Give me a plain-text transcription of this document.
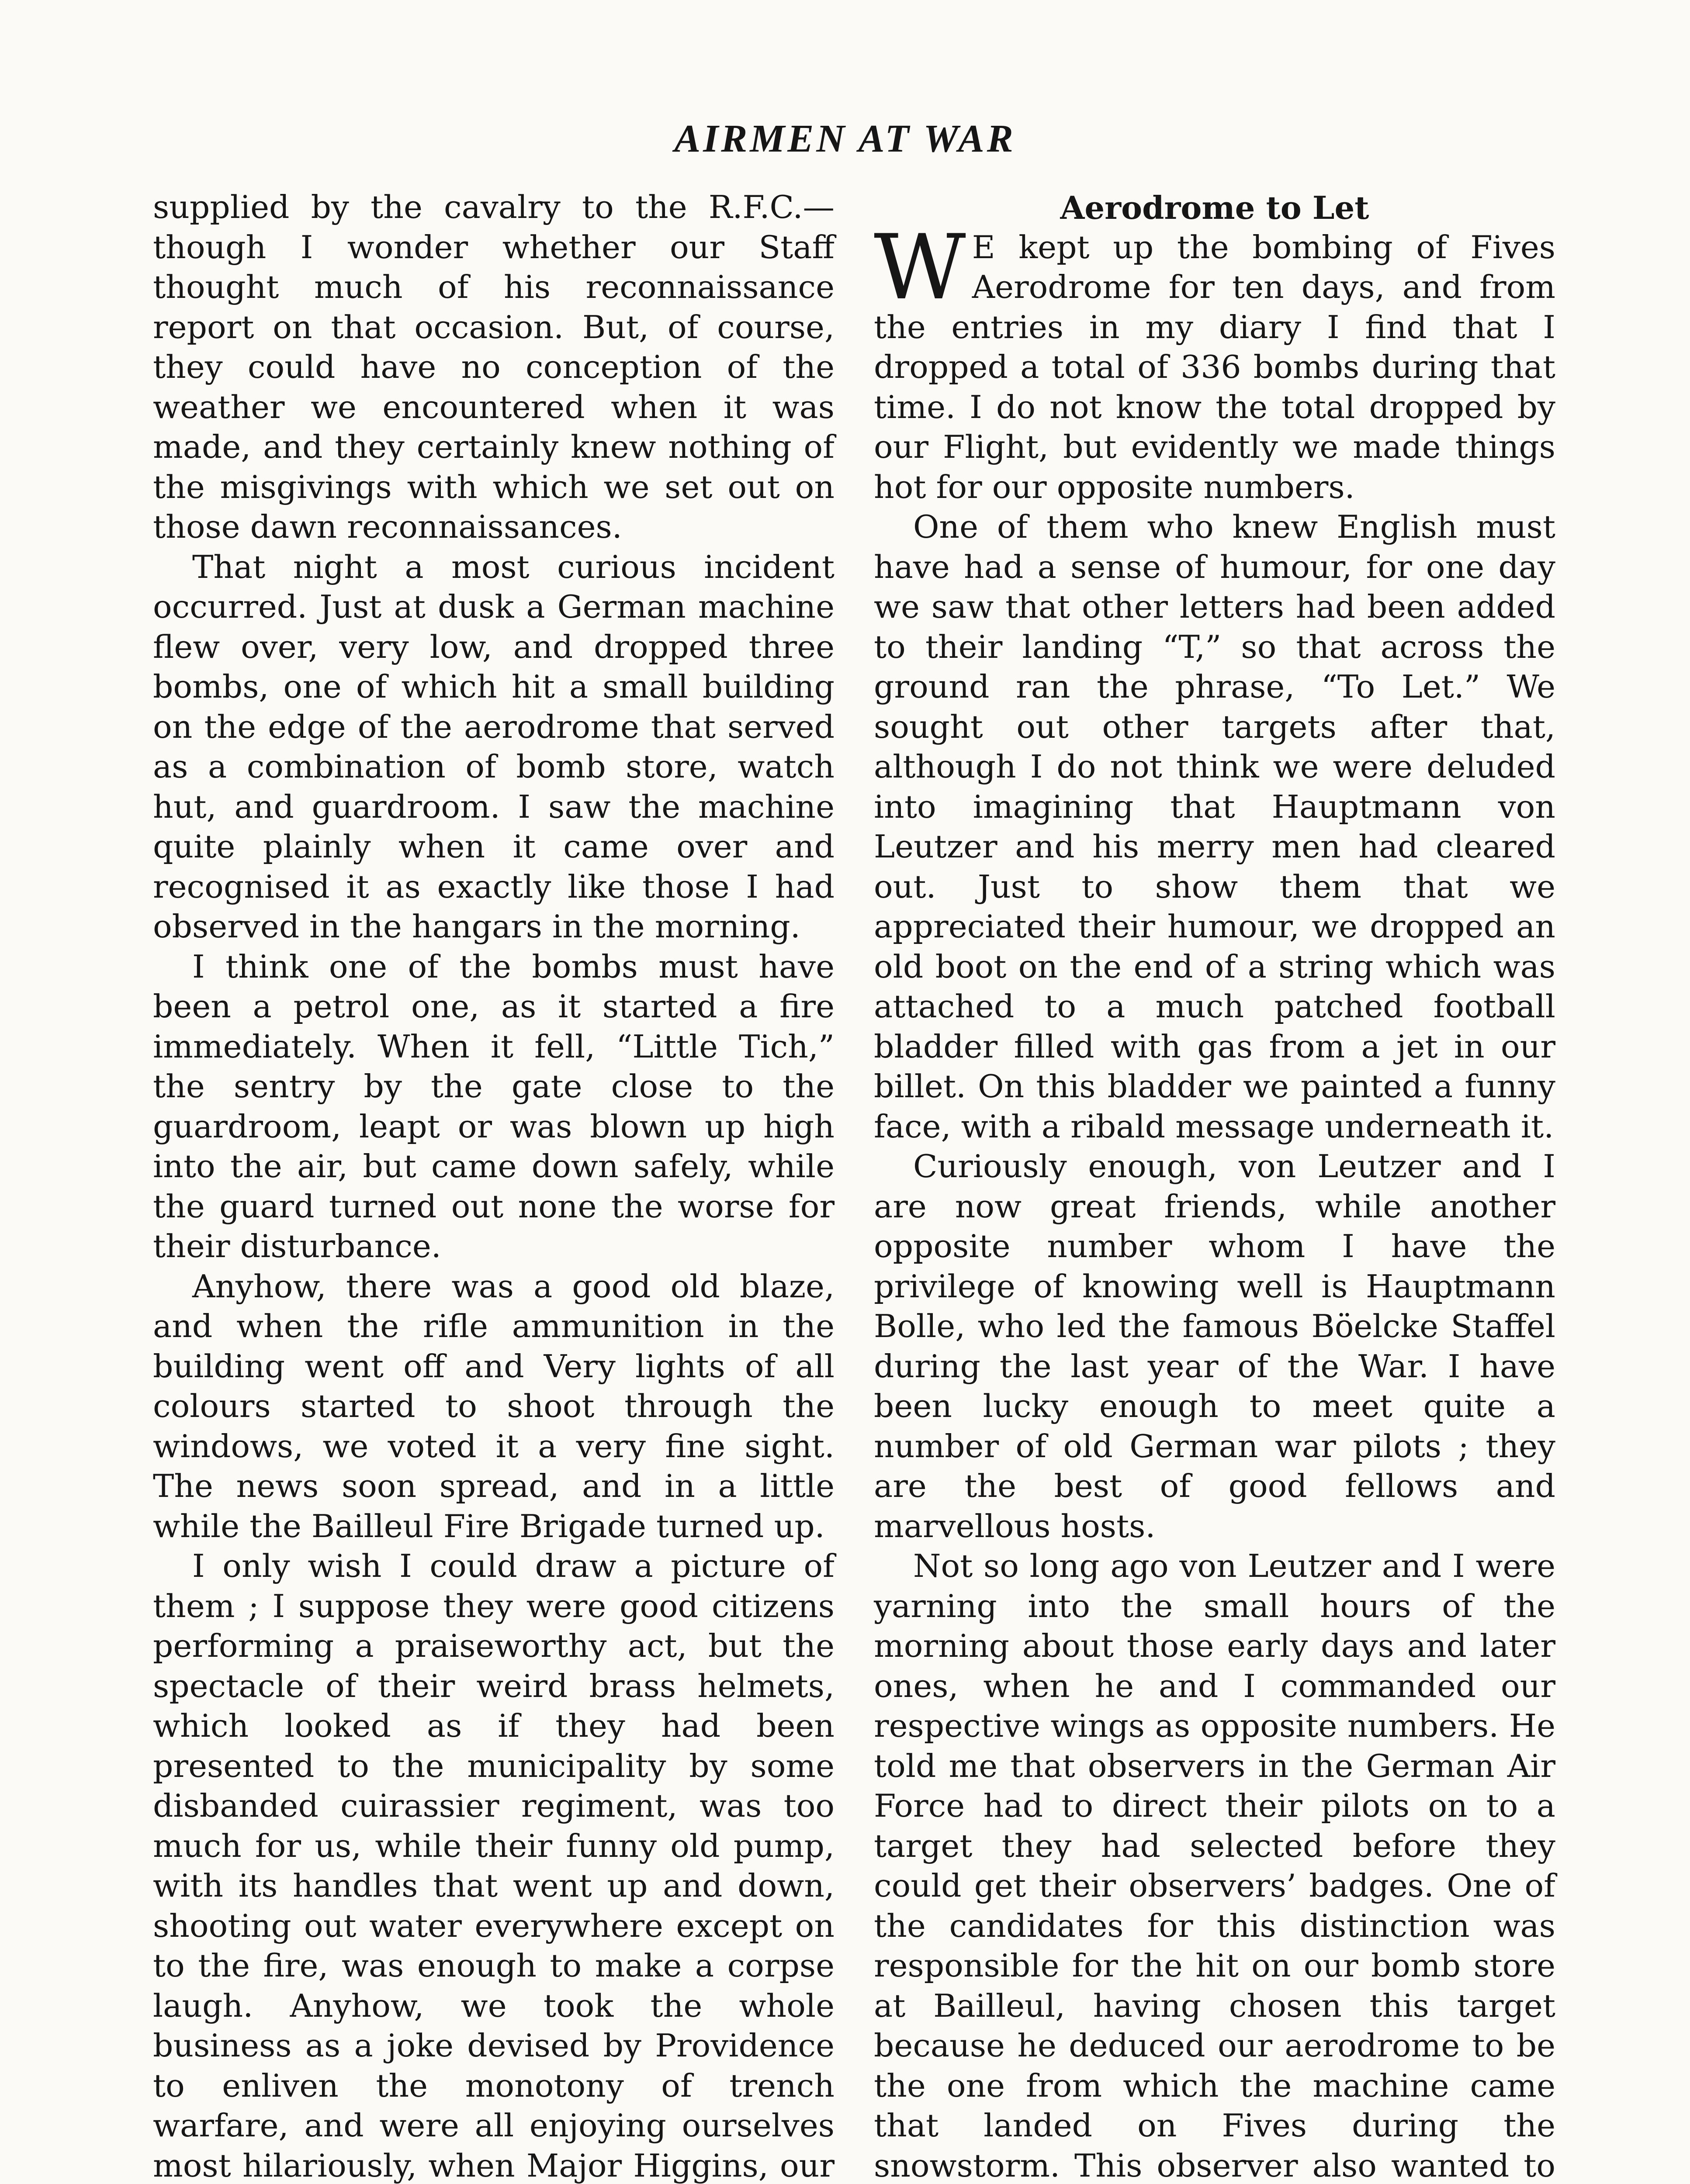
AIRMEN AT WAR

supplied by the cavalry to the R.F.C.— though I wonder whether our Staff thought much of his reconnaissance report on that occasion. But, of course, they could have no conception of the weather we encountered when it was made, and they certainly knew nothing of the misgivings with which we set out on those dawn reconnaissances.

That night a most curious incident occurred. Just at dusk a German machine flew over, very low, and dropped three bombs, one of which hit a small building on the edge of the aerodrome that served as a combination of bomb store, watch hut, and guardroom. I saw the machine quite plainly when it came over and recognised it as exactly like those I had observed in the hangars in the morning.

I think one of the bombs must have been a petrol one, as it started a fire immediately. When it fell, “Little Tich,” the sentry by the gate close to the guardroom, leapt or was blown up high into the air, but came down safely, while the guard turned out none the worse for their disturbance.

Anyhow, there was a good old blaze, and when the rifle ammunition in the building went off and Very lights of all colours started to shoot through the windows, we voted it a very fine sight. The news soon spread, and in a little while the Bailleul Fire Brigade turned up.

I only wish I could draw a picture of them ; I suppose they were good citizens performing a praiseworthy act, but the spectacle of their weird brass helmets, which looked as if they had been presented to the municipality by some disbanded cuirassier regiment, was too much for us, while their funny old pump, with its handles that went up and down, shooting out water everywhere except on to the fire, was enough to make a corpse laugh. Anyhow, we took the whole business as a joke devised by Providence to enliven the monotony of trench warfare, and were all enjoying ourselves most hilariously, when Major Higgins, our

Aerodrome to Let

W E kept up the bombing of Fives Aerodrome for ten days, and from the entries in my diary I find that I dropped a total of 336 bombs during that time. I do not know the total dropped by our Flight, but evidently we made things hot for our opposite numbers.

One of them who knew English must have had a sense of humour, for one day we saw that other letters had been added to their landing “T,” so that across the ground ran the phrase, “To Let.” We sought out other targets after that, although I do not think we were deluded into imagining that Hauptmann von Leutzer and his merry men had cleared out. Just to show them that we appreciated their humour, we dropped an old boot on the end of a string which was attached to a much patched football bladder filled with gas from a jet in our billet. On this bladder we painted a funny face, with a ribald message underneath it.

Curiously enough, von Leutzer and I are now great friends, while another opposite number whom I have the privilege of knowing well is Hauptmann Bolle, who led the famous Böelcke Staffel during the last year of the War. I have been lucky enough to meet quite a number of old German war pilots ; they are the best of good fellows and marvellous hosts.

Not so long ago von Leutzer and I were yarning into the small hours of the morning about those early days and later ones, when he and I commanded our respective wings as opposite numbers. He told me that observers in the German Air Force had to direct their pilots on to a target they had selected before they could get their observers’ badges. One of the candidates for this distinction was responsible for the hit on our bomb store at Bailleul, having chosen this target because he deduced our aerodrome to be the one from which the machine came that landed on Fives during the snowstorm. This observer also wanted to
